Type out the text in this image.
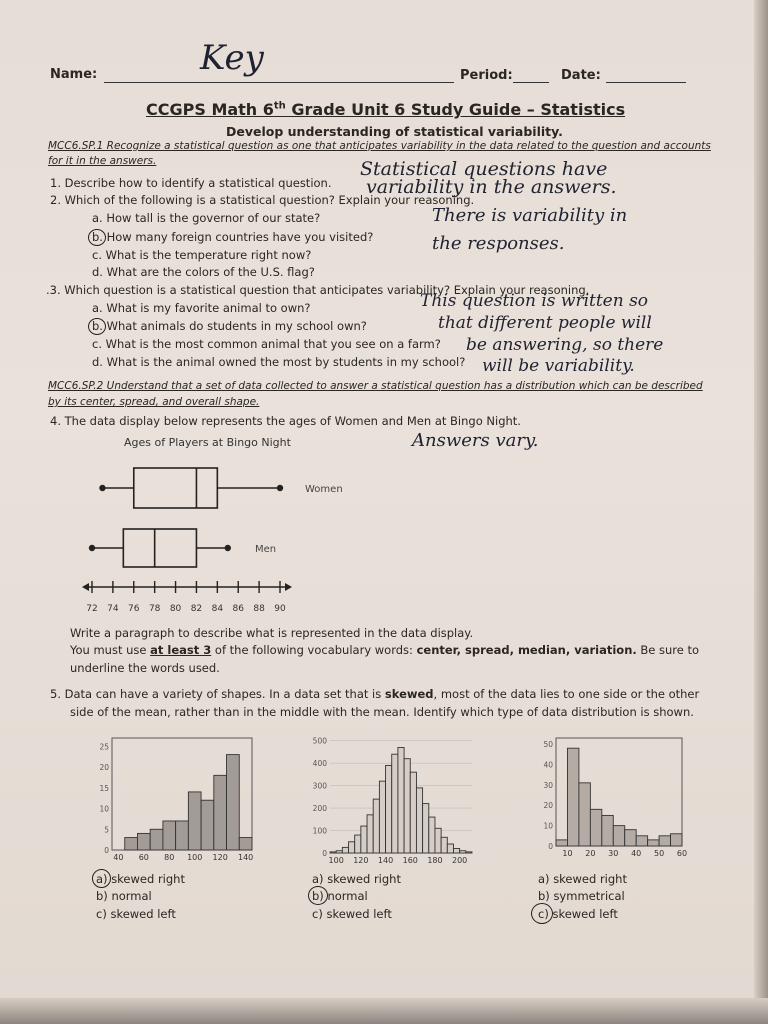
Name:	Key	Period:	Date:
CCGPS Math 6th Grade Unit 6 Study Guide – Statistics
Develop understanding of statistical variability.
MCC6.SP.1 Recognize a statistical question as one that anticipates variability in the data related to the question and accounts
for it in the answers.
1. Describe how to identify a statistical question.
Statistical questions have
variability in the answers.
2. Which of the following is a statistical question? Explain your reasoning.
a. How tall is the governor of our state?
b. How many foreign countries have you visited?
c. What is the temperature right now?
d. What are the colors of the U.S. flag?
There is variability in
the responses.
.3. Which question is a statistical question that anticipates variability? Explain your reasoning.
a. What is my favorite animal to own?
b. What animals do students in my school own?
c. What is the most common animal that you see on a farm?
d. What is the animal owned the most by students in my school?
This question is written so
that different people will
be answering, so there
will be variability.
MCC6.SP.2 Understand that a set of data collected to answer a statistical question has a distribution which can be described
by its center, spread, and overall shape.
4. The data display below represents the ages of Women and Men at Bingo Night.
Answers vary.
Ages of Players at Bingo Night
Women
Men
72 74 76 78 80 82 84 86 88 90
Write a paragraph to describe what is represented in the data display.
You must use at least 3 of the following vocabulary words: center, spread, median, variation. Be sure to
underline the words used.
5. Data can have a variety of shapes. In a data set that is skewed, most of the data lies to one side or the other
side of the mean, rather than in the middle with the mean. Identify which type of data distribution is shown.
0
5
10
15
20
25
40 60 80 100 120 140	0
100
200
300
400
500
100 120 140 160 180 200
0
10
20
30
40
50
10 20 30 40 50 60
a) skewed right
b) normal
c) skewed left
a) skewed right
b) normal
c) skewed left
a) skewed right
b) symmetrical
c) skewed left
